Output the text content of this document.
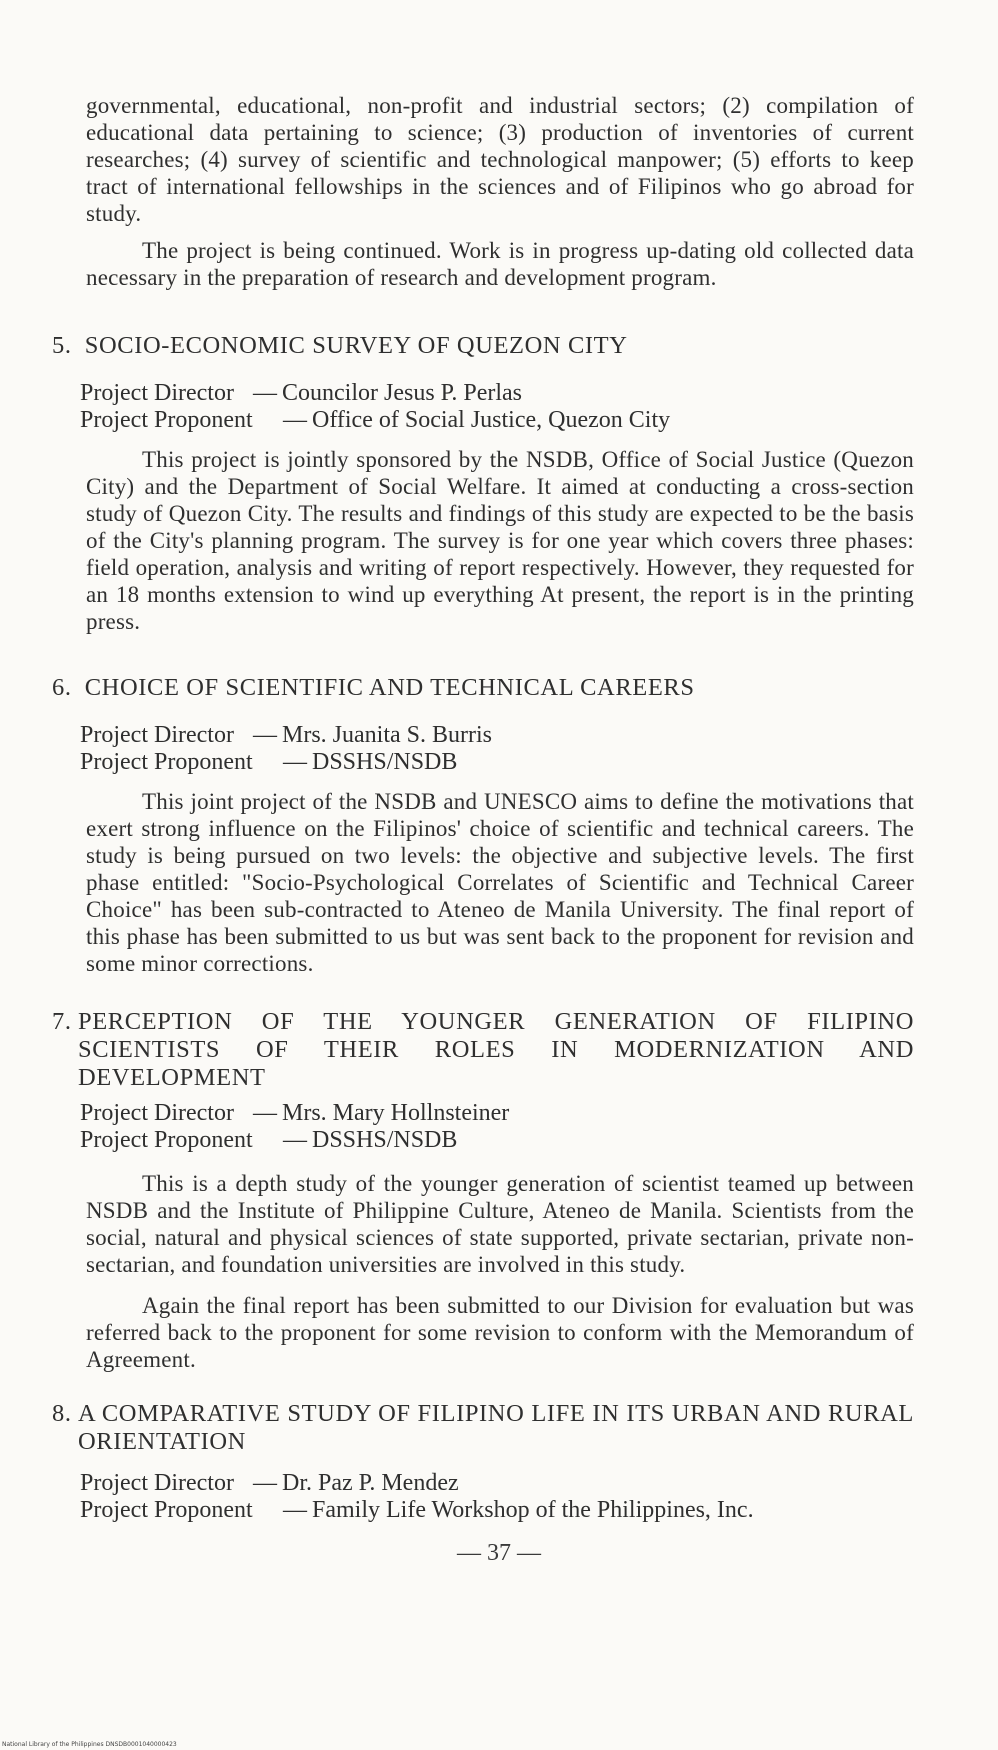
governmental, educational, non-profit and industrial sectors; (2) compilation of educational data pertaining to science; (3) production of inventories of current researches; (4) survey of scientific and technological manpower; (5) efforts to keep tract of international fellowships in the sciences and of Filipinos who go abroad for study.

The project is being continued. Work is in progress up-dating old collected data necessary in the preparation of research and development program.

5. SOCIO-ECONOMIC SURVEY OF QUEZON CITY
Project Director — Councilor Jesus P. Perlas
Project Proponent	— Office of Social Justice, Quezon City

This project is jointly sponsored by the NSDB, Office of Social Justice (Quezon City) and the Department of Social Welfare. It aimed at conducting a cross-section study of Quezon City. The results and findings of this study are expected to be the basis of the City's planning program. The survey is for one year which covers three phases: field operation, analysis and writing of report respectively. However, they requested for an 18 months extension to wind up everything At present, the report is in the printing press.

6. CHOICE OF SCIENTIFIC AND TECHNICAL CAREERS
Project Director — Mrs. Juanita S. Burris
Project Proponent	— DSSHS/NSDB

This joint project of the NSDB and UNESCO aims to define the motivations that exert strong influence on the Filipinos' choice of scientific and technical careers. The study is being pursued on two levels: the objective and subjective levels. The first phase entitled: "Socio-Psychological Correlates of Scientific and Technical Career Choice" has been sub-contracted to Ateneo de Manila University. The final report of this phase has been submitted to us but was sent back to the proponent for revision and some minor corrections.

7. PERCEPTION OF THE YOUNGER GENERATION OF FILIPINO SCIENTISTS OF THEIR ROLES IN MODERNIZATION AND DEVELOPMENT
Project Director — Mrs. Mary Hollnsteiner
Project Proponent	— DSSHS/NSDB

This is a depth study of the younger generation of scientist teamed up between NSDB and the Institute of Philippine Culture, Ateneo de Manila. Scientists from the social, natural and physical sciences of state supported, private sectarian, private non-sectarian, and foundation universities are involved in this study.

Again the final report has been submitted to our Division for evaluation but was referred back to the proponent for some revision to conform with the Memorandum of Agreement.

8. A COMPARATIVE STUDY OF FILIPINO LIFE IN ITS URBAN AND RURAL ORIENTATION
Project Director — Dr. Paz P. Mendez
Project Proponent	— Family Life Workshop of the Philippines, Inc.
— 37 —
National Library of the Philippines DNSDB0001040000423
